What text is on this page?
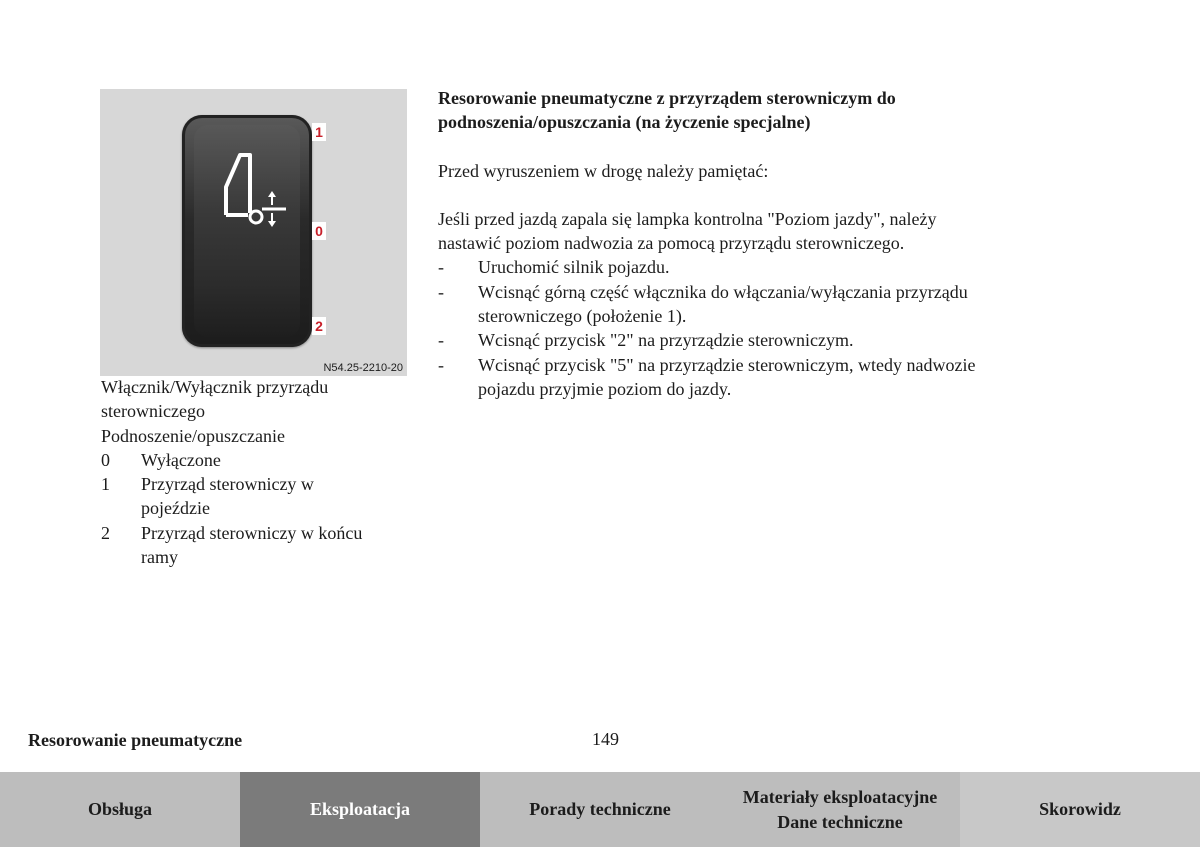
1
0
2
N54.25-2210-20
Włącznik/Wyłącznik przyrządu
sterowniczego
Podnoszenie/opuszczanie
0	Wyłączone
1	Przyrząd sterowniczy w
pojeździe
2	Przyrząd sterowniczy w końcu
ramy
Resorowanie pneumatyczne z przyrządem sterowniczym do
podnoszenia/opuszczania (na życzenie specjalne)

Przed wyruszeniem w drogę należy pamiętać:

Jeśli przed jazdą zapala się lampka kontrolna "Poziom jazdy", należy
nastawić poziom nadwozia za pomocą przyrządu sterowniczego.
-	Uruchomić silnik pojazdu.
-	Wcisnąć górną część włącznika do włączania/wyłączania przyrządu
sterowniczego (położenie 1).
-	Wcisnąć przycisk "2" na przyrządzie sterowniczym.
-	Wcisnąć przycisk "5" na przyrządzie sterowniczym, wtedy nadwozie
pojazdu przyjmie poziom do jazdy.
Resorowanie pneumatyczne	149
Obsługa	Eksploatacja	Porady techniczne
Materiały eksploatacyjne
Dane techniczne
Skorowidz
